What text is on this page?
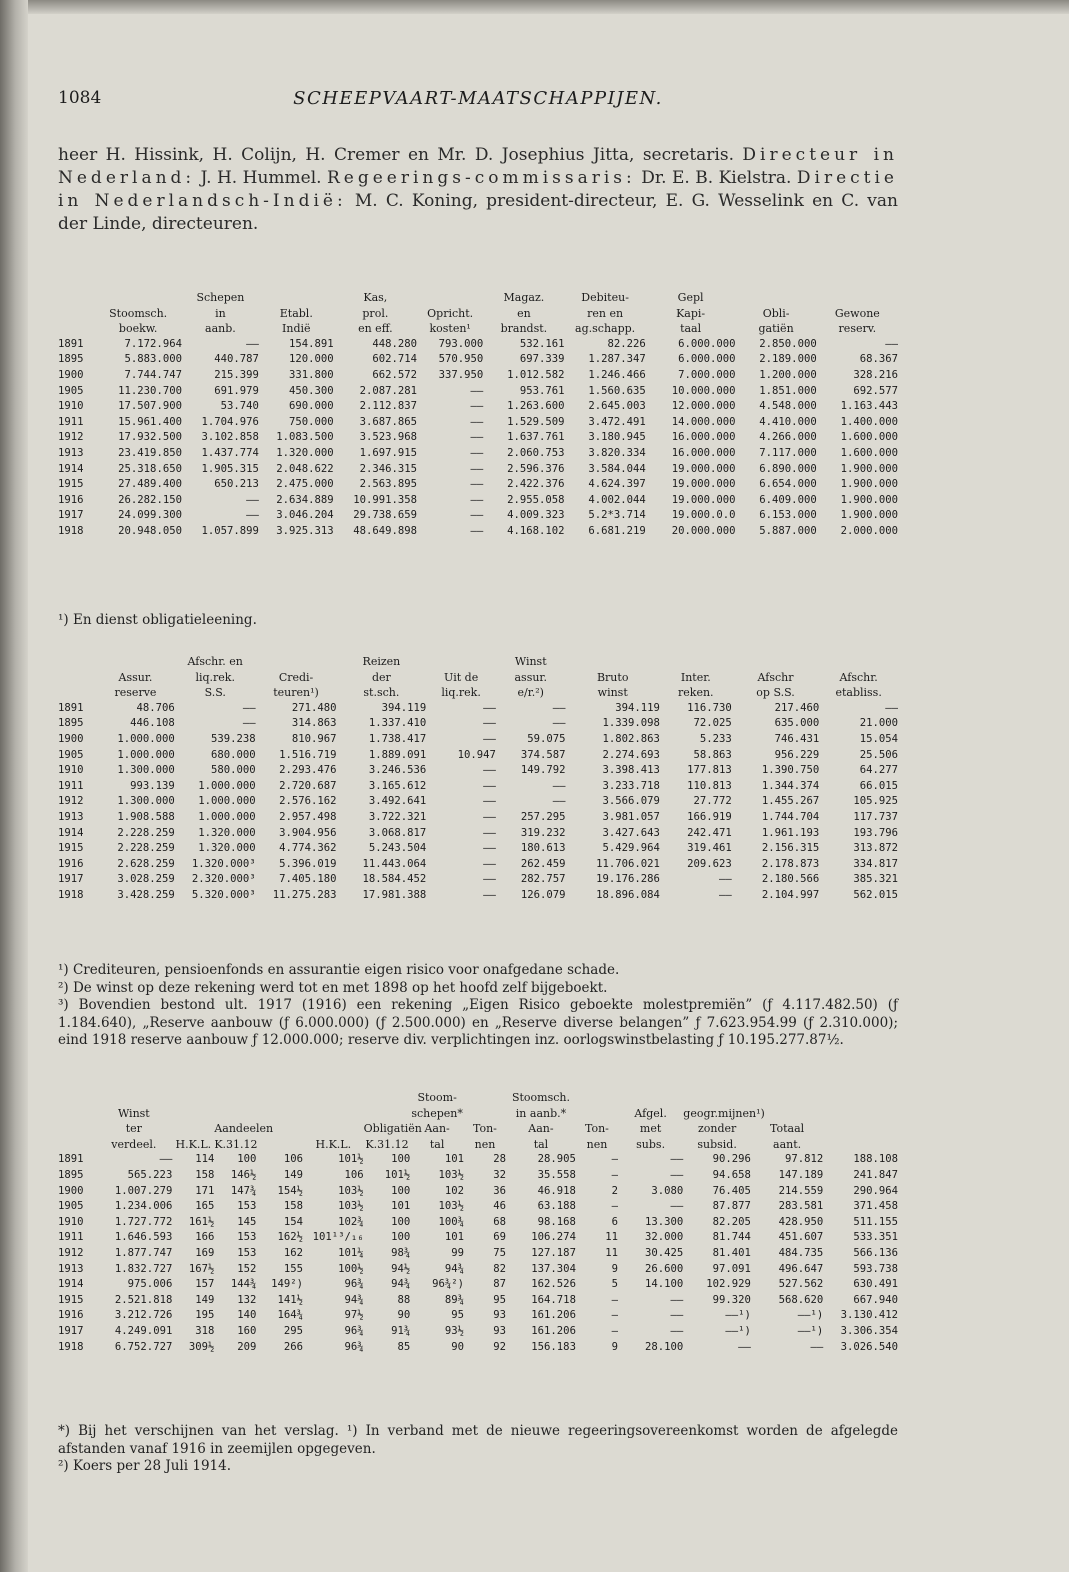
1084	SCHEEPVAART-MAATSCHAPPIJEN.
heer H. Hissink, H. Colijn, H. Cremer en Mr. D. Josephius Jitta, secretaris. Directeur in Nederland: J. H. Hummel. Regeerings-commissaris: Dr. E. B. Kielstra. Directie in Nederlandsch-Indië: M. C. Koning, president-directeur, E. G. Wesselink en C. van der Linde, directeuren.
		Schepen		Kas,		Magaz.	Debiteu-	Gepl		
	Stoomsch.	in	Etabl.	prol.	Opricht.	en	ren en	Kapi-	Obli-	Gewone
	boekw.	aanb.	Indië	en eff.	kosten¹	brandst.	ag.schapp.	taal	gatiën	reserv.
1891	7.172.964	——	154.891	448.280	793.000	532.161	82.226	6.000.000	2.850.000	——
1895	5.883.000	440.787	120.000	602.714	570.950	697.339	1.287.347	6.000.000	2.189.000	68.367
1900	7.744.747	215.399	331.800	662.572	337.950	1.012.582	1.246.466	7.000.000	1.200.000	328.216
1905	11.230.700	691.979	450.300	2.087.281	——	953.761	1.560.635	10.000.000	1.851.000	692.577
1910	17.507.900	53.740	690.000	2.112.837	——	1.263.600	2.645.003	12.000.000	4.548.000	1.163.443
1911	15.961.400	1.704.976	750.000	3.687.865	——	1.529.509	3.472.491	14.000.000	4.410.000	1.400.000
1912	17.932.500	3.102.858	1.083.500	3.523.968	——	1.637.761	3.180.945	16.000.000	4.266.000	1.600.000
1913	23.419.850	1.437.774	1.320.000	1.697.915	——	2.060.753	3.820.334	16.000.000	7.117.000	1.600.000
1914	25.318.650	1.905.315	2.048.622	2.346.315	——	2.596.376	3.584.044	19.000.000	6.890.000	1.900.000
1915	27.489.400	650.213	2.475.000	2.563.895	——	2.422.376	4.624.397	19.000.000	6.654.000	1.900.000
1916	26.282.150	——	2.634.889	10.991.358	——	2.955.058	4.002.044	19.000.000	6.409.000	1.900.000
1917	24.099.300	——	3.046.204	29.738.659	——	4.009.323	5.2*3.714	19.000.0.0	6.153.000	1.900.000
1918	20.948.050	1.057.899	3.925.313	48.649.898	——	4.168.102	6.681.219	20.000.000	5.887.000	2.000.000

¹) En dienst obligatieleening.

		Afschr. en		Reizen		Winst				
	Assur.	liq.rek.	Credi-	der	Uit de	assur.	Bruto	Inter.	Afschr	Afschr.
	reserve	S.S.	teuren¹)	st.sch.	liq.rek.	e/r.²)	winst	reken.	op S.S.	etabliss.
1891	48.706	——	271.480	394.119	——	——	394.119	116.730	217.460	——
1895	446.108	——	314.863	1.337.410	——	——	1.339.098	72.025	635.000	21.000
1900	1.000.000	539.238	810.967	1.738.417	——	59.075	1.802.863	5.233	746.431	15.054
1905	1.000.000	680.000	1.516.719	1.889.091	10.947	374.587	2.274.693	58.863	956.229	25.506
1910	1.300.000	580.000	2.293.476	3.246.536	——	149.792	3.398.413	177.813	1.390.750	64.277
1911	993.139	1.000.000	2.720.687	3.165.612	——	——	3.233.718	110.813	1.344.374	66.015
1912	1.300.000	1.000.000	2.576.162	3.492.641	——	——	3.566.079	27.772	1.455.267	105.925
1913	1.908.588	1.000.000	2.957.498	3.722.321	——	257.295	3.981.057	166.919	1.744.704	117.737
1914	2.228.259	1.320.000	3.904.956	3.068.817	——	319.232	3.427.643	242.471	1.961.193	193.796
1915	2.228.259	1.320.000	4.774.362	5.243.504	——	180.613	5.429.964	319.461	2.156.315	313.872
1916	2.628.259	1.320.000³	5.396.019	11.443.064	——	262.459	11.706.021	209.623	2.178.873	334.817
1917	3.028.259	2.320.000³	7.405.180	18.584.452	——	282.757	19.176.286	——	2.180.566	385.321
1918	3.428.259	5.320.000³	11.275.283	17.981.388	——	126.079	18.896.084	——	2.104.997	562.015

¹) Crediteuren, pensioenfonds en assurantie eigen risico voor onafgedane schade.

²) De winst op deze rekening werd tot en met 1898 op het hoofd zelf bijgeboekt.

³) Bovendien bestond ult. 1917 (1916) een rekening „Eigen Risico geboekte molestpremiën” (ƒ 4.117.482.50) (ƒ 1.184.640), „Reserve aanbouw (ƒ 6.000.000) (ƒ 2.500.000) en „Reserve diverse belangen” ƒ 7.623.954.99 (ƒ 2.310.000); eind 1918 reserve aanbouw ƒ 12.000.000; reserve div. verplichtingen inz. oorlogswinstbelasting ƒ 10.195.277.87½.

							Stoom-		Stoomsch.					
	Winst						schepen*		in aanb.*		Afgel.	geogr.mijnen¹)		
	ter		Aandeelen			Obligatiën	Aan-	Ton-	Aan-	Ton-	met	zonder	Totaal	
	verdeel.	H.K.L.	K.31.12		H.K.L.	K.31.12	tal	nen	tal	nen	subs.	subsid.	aant.	
1891	——	114	100	106	101½	100	101	28	28.905	—	——	90.296	97.812	188.108
1895	565.223	158	146½	149	106	101½	103½	32	35.558	—	——	94.658	147.189	241.847
1900	1.007.279	171	147¾	154½	103½	100	102	36	46.918	2	3.080	76.405	214.559	290.964
1905	1.234.006	165	153	158	103½	101	103½	46	63.188	—	——	87.877	283.581	371.458
1910	1.727.772	161½	145	154	102¾	100	100¾	68	98.168	6	13.300	82.205	428.950	511.155
1911	1.646.593	166	153	162½	101¹³/₁₆	100	101	69	106.274	11	32.000	81.744	451.607	533.351
1912	1.877.747	169	153	162	101¼	98¾	99	75	127.187	11	30.425	81.401	484.735	566.136
1913	1.832.727	167½	152	155	100½	94½	94¾	82	137.304	9	26.600	97.091	496.647	593.738
1914	975.006	157	144¾	149²)	96¾	94¾	96¾²)	87	162.526	5	14.100	102.929	527.562	630.491
1915	2.521.818	149	132	141½	94¾	88	89¾	95	164.718	—	——	99.320	568.620	667.940
1916	3.212.726	195	140	164¾	97½	90	95	93	161.206	—	——	——¹)	——¹)	3.130.412
1917	4.249.091	318	160	295	96¾	91¾	93½	93	161.206	—	——	——¹)	——¹)	3.306.354
1918	6.752.727	309½	209	266	96¾	85	90	92	156.183	9	28.100	——	——	3.026.540

*) Bij het verschijnen van het verslag. ¹) In verband met de nieuwe regeeringsovereenkomst worden de afgelegde afstanden vanaf 1916 in zeemijlen opgegeven.

²) Koers per 28 Juli 1914.
